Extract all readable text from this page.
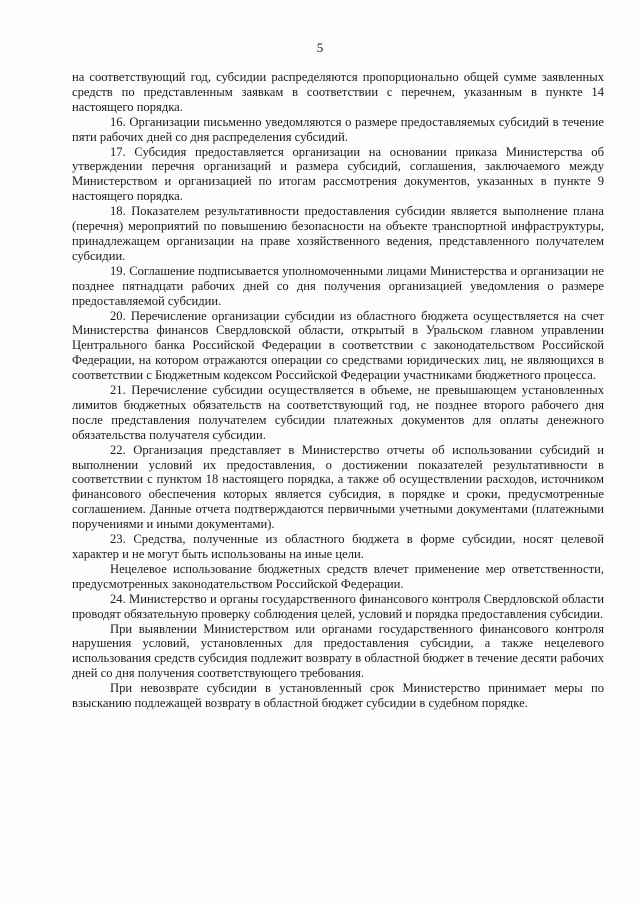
5

на соответствующий год, субсидии распределяются пропорционально общей сумме заявленных средств по представленным заявкам в соответствии с перечнем, указанным в пункте 14 настоящего порядка.

16. Организации письменно уведомляются о размере предоставляемых субсидий в течение пяти рабочих дней со дня распределения субсидий.

17. Субсидия предоставляется организации на основании приказа Министерства об утверждении перечня организаций и размера субсидий, соглашения, заключаемого между Министерством и организацией по итогам рассмотрения документов, указанных в пункте 9 настоящего порядка.

18. Показателем результативности предоставления субсидии является выполнение плана (перечня) мероприятий по повышению безопасности на объекте транспортной инфраструктуры, принадлежащем организации на праве хозяйственного ведения, представленного получателем субсидии.

19. Соглашение подписывается уполномоченными лицами Министерства и организации не позднее пятнадцати рабочих дней со дня получения организацией уведомления о размере предоставляемой субсидии.

20. Перечисление организации субсидии из областного бюджета осуществляется на счет Министерства финансов Свердловской области, открытый в Уральском главном управлении Центрального банка Российской Федерации в соответствии с законодательством Российской Федерации, на котором отражаются операции со средствами юридических лиц, не являющихся в соответствии с Бюджетным кодексом Российской Федерации участниками бюджетного процесса.

21. Перечисление субсидии осуществляется в объеме, не превышающем установленных лимитов бюджетных обязательств на соответствующий год, не позднее второго рабочего дня после представления получателем субсидии платежных документов для оплаты денежного обязательства получателя субсидии.

22. Организация представляет в Министерство отчеты об использовании субсидий и выполнении условий их предоставления, о достижении показателей результативности в соответствии с пунктом 18 настоящего порядка, а также об осуществлении расходов, источником финансового обеспечения которых является субсидия, в порядке и сроки, предусмотренные соглашением. Данные отчета подтверждаются первичными учетными документами (платежными поручениями и иными документами).

23. Средства, полученные из областного бюджета в форме субсидии, носят целевой характер и не могут быть использованы на иные цели.

Нецелевое использование бюджетных средств влечет применение мер ответственности, предусмотренных законодательством Российской Федерации.

24. Министерство и органы государственного финансового контроля Свердловской области проводят обязательную проверку соблюдения целей, условий и порядка предоставления субсидии.

При выявлении Министерством или органами государственного финансового контроля нарушения условий, установленных для предоставления субсидии, а также нецелевого использования средств субсидия подлежит возврату в областной бюджет в течение десяти рабочих дней со дня получения соответствующего требования.

При невозврате субсидии в установленный срок Министерство принимает меры по взысканию подлежащей возврату в областной бюджет субсидии в судебном порядке.
